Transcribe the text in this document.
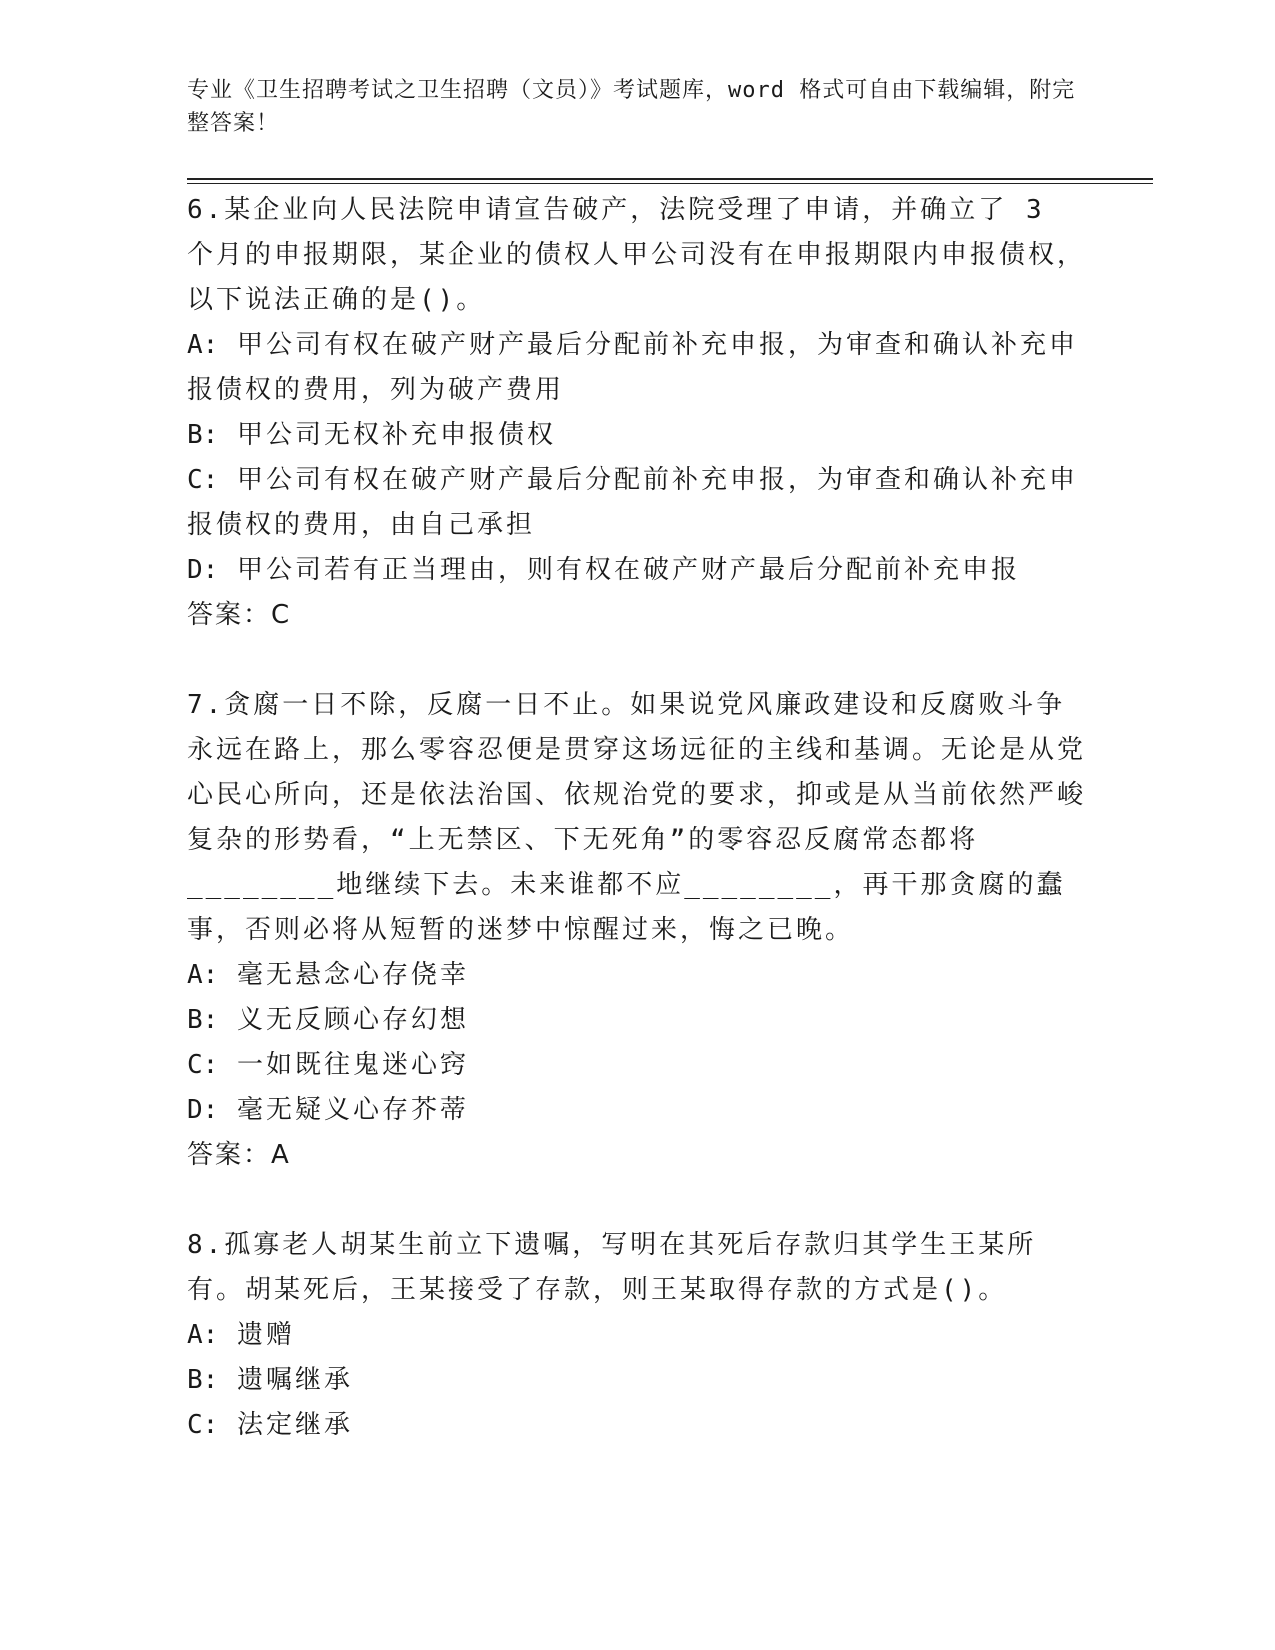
专业《卫生招聘考试之卫生招聘（文员）》考试题库，word 格式可自由下载编辑，附完整答案！

6.某企业向人民法院申请宣告破产，法院受理了申请，并确立了 3 个月的申报期限，某企业的债权人甲公司没有在申报期限内申报债权，以下说法正确的是()。

A: 甲公司有权在破产财产最后分配前补充申报，为审查和确认补充申报债权的费用，列为破产费用

B: 甲公司无权补充申报债权

C: 甲公司有权在破产财产最后分配前补充申报，为审查和确认补充申报债权的费用，由自己承担

D: 甲公司若有正当理由，则有权在破产财产最后分配前补充申报

答案：C

7.贪腐一日不除，反腐一日不止。如果说党风廉政建设和反腐败斗争永远在路上，那么零容忍便是贯穿这场远征的主线和基调。无论是从党心民心所向，还是依法治国、依规治党的要求，抑或是从当前依然严峻复杂的形势看，“上无禁区、下无死角”的零容忍反腐常态都将________地继续下去。未来谁都不应________，再干那贪腐的蠢事，否则必将从短暂的迷梦中惊醒过来，悔之已晚。

A: 毫无悬念心存侥幸

B: 义无反顾心存幻想

C: 一如既往鬼迷心窍

D: 毫无疑义心存芥蒂

答案：A

8.孤寡老人胡某生前立下遗嘱，写明在其死后存款归其学生王某所有。胡某死后，王某接受了存款，则王某取得存款的方式是()。

A: 遗赠

B: 遗嘱继承

C: 法定继承
